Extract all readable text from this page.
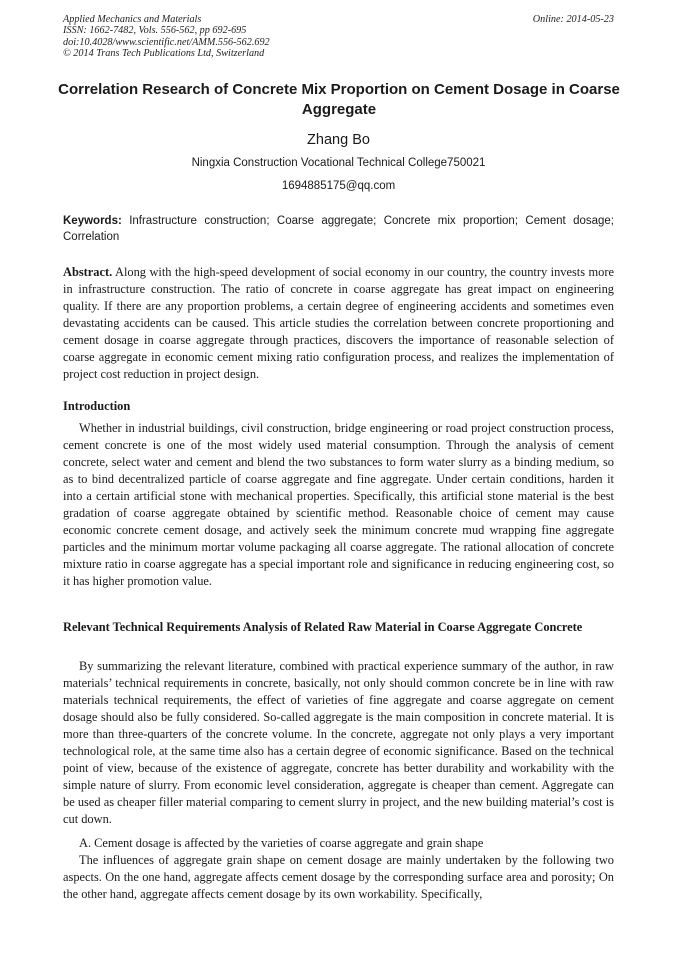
Applied Mechanics and Materials
ISSN: 1662-7482, Vols. 556-562, pp 692-695
doi:10.4028/www.scientific.net/AMM.556-562.692
© 2014 Trans Tech Publications Ltd, Switzerland
Online: 2014-05-23
Correlation Research of Concrete Mix Proportion on Cement Dosage in Coarse Aggregate
Zhang Bo
Ningxia Construction Vocational Technical College750021
1694885175@qq.com
Keywords: Infrastructure construction; Coarse aggregate; Concrete mix proportion; Cement dosage; Correlation
Abstract. Along with the high-speed development of social economy in our country, the country invests more in infrastructure construction. The ratio of concrete in coarse aggregate has great impact on engineering quality. If there are any proportion problems, a certain degree of engineering accidents and sometimes even devastating accidents can be caused. This article studies the correlation between concrete proportioning and cement dosage in coarse aggregate through practices, discovers the importance of reasonable selection of coarse aggregate in economic cement mixing ratio configuration process, and realizes the implementation of project cost reduction in project design.
Introduction

Whether in industrial buildings, civil construction, bridge engineering or road project construction process, cement concrete is one of the most widely used material consumption. Through the analysis of cement concrete, select water and cement and blend the two substances to form water slurry as a binding medium, so as to bind decentralized particle of coarse aggregate and fine aggregate. Under certain conditions, harden it into a certain artificial stone with mechanical properties. Specifically, this artificial stone material is the best gradation of coarse aggregate obtained by scientific method. Reasonable choice of cement may cause economic concrete cement dosage, and actively seek the minimum concrete mud wrapping fine aggregate particles and the minimum mortar volume packaging all coarse aggregate. The rational allocation of concrete mixture ratio in coarse aggregate has a special important role and significance in reducing engineering cost, so it has higher promotion value.

Relevant Technical Requirements Analysis of Related Raw Material in Coarse Aggregate Concrete

By summarizing the relevant literature, combined with practical experience summary of the author, in raw materials’ technical requirements in concrete, basically, not only should common concrete be in line with raw materials technical requirements, the effect of varieties of fine aggregate and coarse aggregate on cement dosage should also be fully considered. So-called aggregate is the main composition in concrete material. It is more than three-quarters of the concrete volume. In the concrete, aggregate not only plays a very important technological role, at the same time also has a certain degree of economic significance. Based on the technical point of view, because of the existence of aggregate, concrete has better durability and workability with the simple nature of slurry. From economic level consideration, aggregate is cheaper than cement. Aggregate can be used as cheaper filler material comparing to cement slurry in project, and the new building material’s cost is cut down.

A. Cement dosage is affected by the varieties of coarse aggregate and grain shape

The influences of aggregate grain shape on cement dosage are mainly undertaken by the following two aspects. On the one hand, aggregate affects cement dosage by the corresponding surface area and porosity; On the other hand, aggregate affects cement dosage by its own workability. Specifically,
